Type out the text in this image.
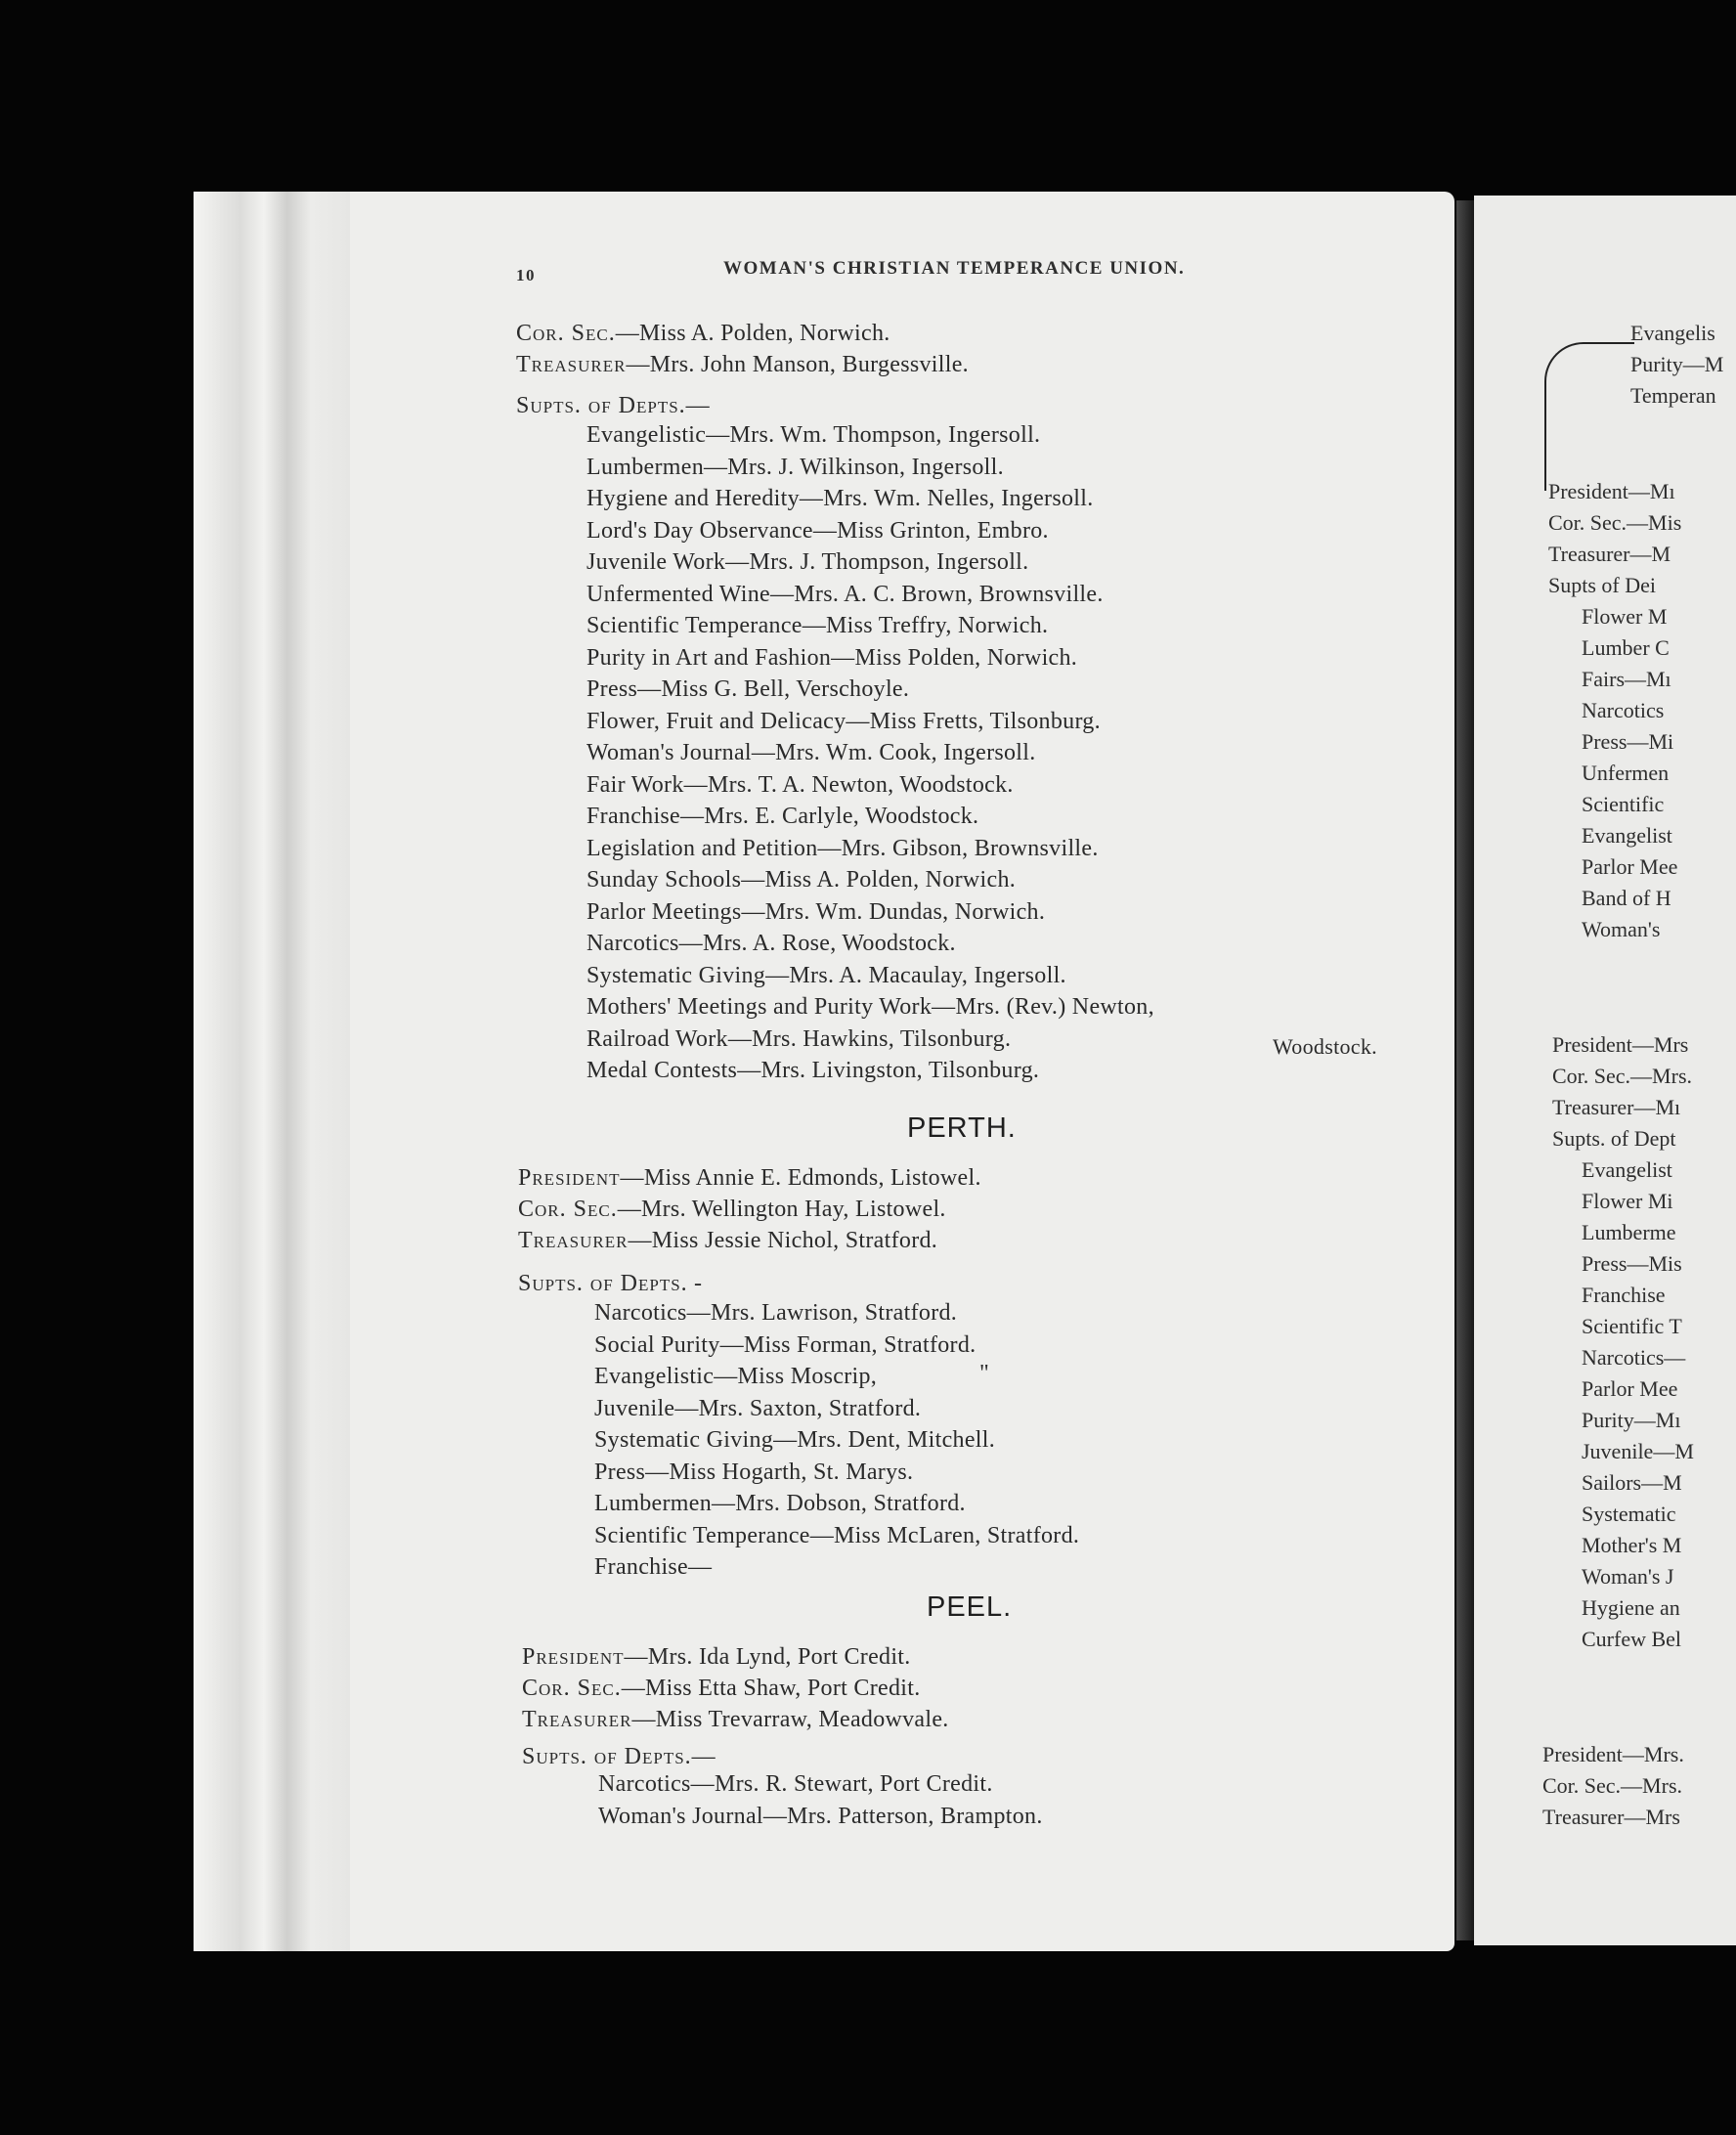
Evangelis
Purity—M
Temperan
President—Mı
Cor. Sec.—Mis
Treasurer—M
Supts of Dei
Flower M
Lumber C
Fairs—Mı
Narcotics
Press—Mi
Unfermen
Scientific
Evangelist
Parlor Mee
Band of H
Woman's
President—Mrs
Cor. Sec.—Mrs.
Treasurer—Mı
Supts. of Dept
Evangelist
Flower Mi
Lumberme
Press—Mis
Franchise
Scientific T
Narcotics—
Parlor Mee
Purity—Mı
Juvenile—M
Sailors—M
Systematic
Mother's M
Woman's J
Hygiene an
Curfew Bel
President—Mrs.
Cor. Sec.—Mrs.
Treasurer—Mrs
10	WOMAN'S CHRISTIAN TEMPERANCE UNION.
Cor. Sec.—Miss A. Polden, Norwich.
Treasurer—Mrs. John Manson, Burgessville.
Supts. of Depts.—
Evangelistic—Mrs. Wm. Thompson, Ingersoll.
Lumbermen—Mrs. J. Wilkinson, Ingersoll.
Hygiene and Heredity—Mrs. Wm. Nelles, Ingersoll.
Lord's Day Observance—Miss Grinton, Embro.
Juvenile Work—Mrs. J. Thompson, Ingersoll.
Unfermented Wine—Mrs. A. C. Brown, Brownsville.
Scientific Temperance—Miss Treffry, Norwich.
Purity in Art and Fashion—Miss Polden, Norwich.
Press—Miss G. Bell, Verschoyle.
Flower, Fruit and Delicacy—Miss Fretts, Tilsonburg.
Woman's Journal—Mrs. Wm. Cook, Ingersoll.
Fair Work—Mrs. T. A. Newton, Woodstock.
Franchise—Mrs. E. Carlyle, Woodstock.
Legislation and Petition—Mrs. Gibson, Brownsville.
Sunday Schools—Miss A. Polden, Norwich.
Parlor Meetings—Mrs. Wm. Dundas, Norwich.
Narcotics—Mrs. A. Rose, Woodstock.
Systematic Giving—Mrs. A. Macaulay, Ingersoll.
Mothers' Meetings and Purity Work—Mrs. (Rev.) Newton,
Railroad Work—Mrs. Hawkins, Tilsonburg.
Medal Contests—Mrs. Livingston, Tilsonburg.
Woodstock.
PERTH.
President—Miss Annie E. Edmonds, Listowel.
Cor. Sec.—Mrs. Wellington Hay, Listowel.
Treasurer—Miss Jessie Nichol, Stratford.
Supts. of Depts. -
Narcotics—Mrs. Lawrison, Stratford.
Social Purity—Miss Forman, Stratford.
Evangelistic—Miss Moscrip,
Juvenile—Mrs. Saxton, Stratford.
Systematic Giving—Mrs. Dent, Mitchell.
Press—Miss Hogarth, St. Marys.
Lumbermen—Mrs. Dobson, Stratford.
Scientific Temperance—Miss McLaren, Stratford.
Franchise—
"
PEEL.
President—Mrs. Ida Lynd, Port Credit.
Cor. Sec.—Miss Etta Shaw, Port Credit.
Treasurer—Miss Trevarraw, Meadowvale.
Supts. of Depts.—
Narcotics—Mrs. R. Stewart, Port Credit.
Woman's Journal—Mrs. Patterson, Brampton.
